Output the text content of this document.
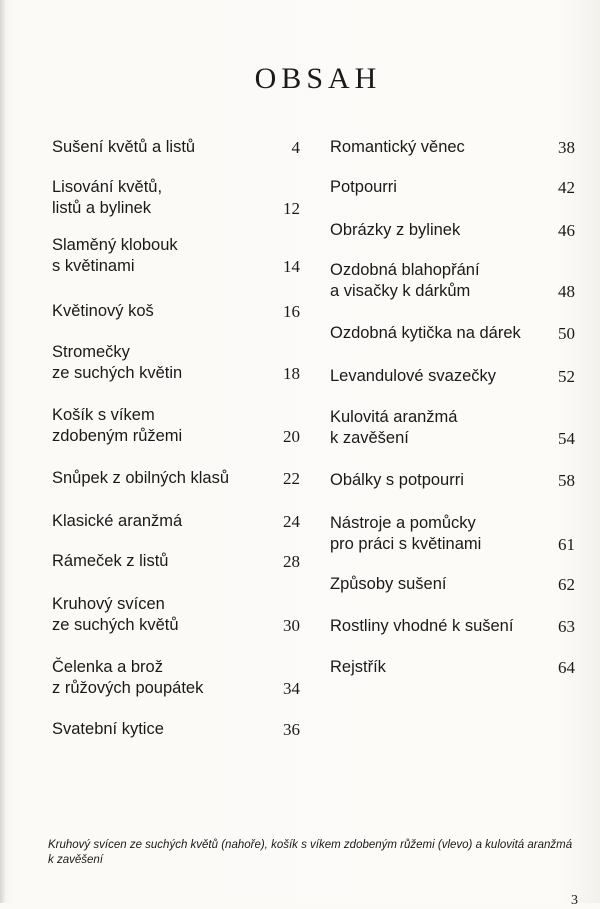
OBSAH
Sušení květů a listů	4
Lisování květů,
listů a bylinek	12
Slaměný klobouk
s květinami	14
Květinový koš	16
Stromečky
ze suchých květin	18
Košík s víkem
zdobeným růžemi	20
Snůpek z obilných klasů	22
Klasické aranžmá	24
Rámeček z listů	28
Kruhový svícen
ze suchých květů	30
Čelenka a brož
z růžových poupátek	34
Svatební kytice	36
Romantický věnec	38
Potpourri	42
Obrázky z bylinek	46
Ozdobná blahopřání
a visačky k dárkům	48
Ozdobná kytička na dárek	50
Levandulové svazečky	52
Kulovitá aranžmá
k zavěšení	54
Obálky s potpourri	58
Nástroje a pomůcky
pro práci s květinami	61
Způsoby sušení	62
Rostliny vhodné k sušení	63
Rejstřík	64
Kruhový svícen ze suchých květů (nahoře), košík s víkem zdobeným růžemi (vlevo) a kulovitá aranžmá k zavěšení
3
